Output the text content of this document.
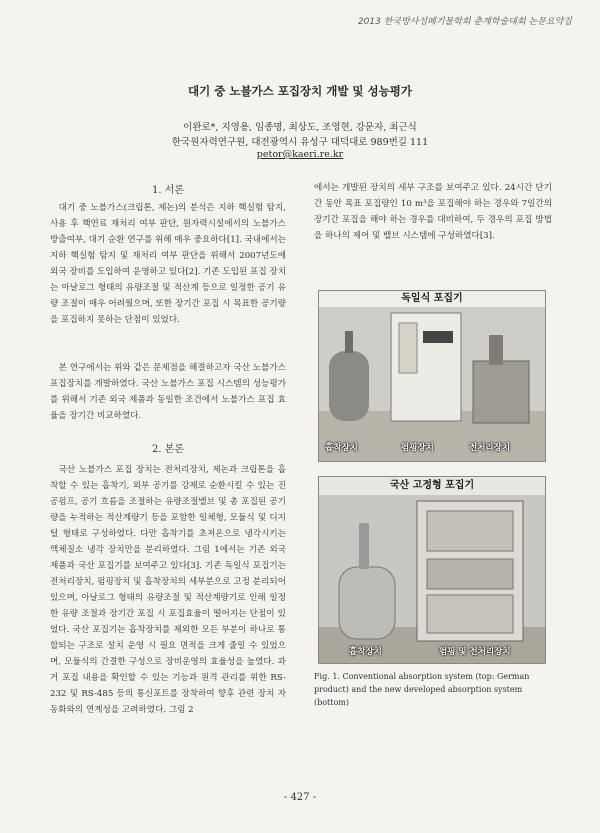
2013 한국방사성폐기물학회 춘계학술대회 논문요약집
대기 중 노블가스 포집장치 개발 및 성능평가
이완로*, 지영용, 임종명, 최상도, 조영현, 강문자, 최근식
한국원자력연구원, 대전광역시 유성구 대덕대로 989번길 111
petor@kaeri.re.kr
1. 서론

대기 중 노블가스(크립톤, 제논)의 분석은 지하 핵실험 탐지, 사용 후 핵연료 재처리 여부 판단, 원자력시설에서의 노블가스 방출여부, 대기 순환 연구를 위해 매우 중요하다[1]. 국내에서는 지하 핵실험 탐지 및 재처리 여부 판단을 위해서 2007년도에 외국 장비를 도입하여 운영하고 있다[2]. 기존 도입된 포집 장치는 아날로그 형태의 유량조절 및 적산계 등으로 일정한 공기 유량 조절이 매우 어려웠으며, 또한 장기간 포집 시 목표한 공기량을 포집하지 못하는 단점이 있었다.

본 연구에서는 위와 같은 문제점을 해결하고자 국산 노블가스 포집장치를 개발하였다. 국산 노블가스 포집 시스템의 성능평가를 위해서 기존 외국 제품과 동일한 조건에서 노블가스 포집 효율을 장기간 비교하였다.

2. 본론

국산 노블가스 포집 장치는 전처리장치, 제논과 크립톤을 흡착할 수 있는 흡착기, 외부 공기를 강제로 순환시킬 수 있는 진공펌프, 공기 흐름을 조절하는 유량조절밸브 및 총 포집된 공기량을 누적하는 적산계량기 등을 포함한 일체형, 모듈식 및 디지털 형태로 구성하였다. 다만 흡착기를 초저온으로 냉각시키는 액체질소 냉각 장치만을 분리하였다. 그림 1에서는 기존 외국 제품과 국산 포집기를 보여주고 있다[3]. 기존 독일식 포집기는 전처리장치, 펌핑장치 및 흡착장치의 세부분으로 고정 분리되어 있으며, 아날로그 형태의 유량조절 및 적산계량기로 인해 일정한 유량 조절과 장기간 포집 시 포집효율이 떨어지는 단점이 있었다. 국산 포집기는 흡착장치를 제외한 모든 부분이 하나로 통합되는 구조로 설치 운영 시 필요 면적을 크게 줄일 수 있었으며, 모듈식의 간결한 구성으로 장비운영의 효율성을 높였다. 과거 포집 내용을 확인할 수 있는 기능과 원격 관리를 위한 RS-232 및 RS-485 등의 통신포트를 장착하여 향후 관련 장치 자동화와의 연계성을 고려하였다. 그림 2

에서는 개발된 장치의 세부 구조를 보여주고 있다. 24시간 단기간 동안 목표 포집량인 10 m³을 포집해야 하는 경우와 7일간의 장기간 포집을 해야 하는 경우를 대비하여, 두 경우의 포집 방법을 하나의 제어 및 밸브 시스템에 구성하였다[3].

독일식 포집기
흡착장치	펌핑장치	전처리장치
국산 고정형 포집기
흡착장치	펌핑 및 전처리장치
Fig. 1. Conventional absorption system (top: German product) and the new developed absorption system (bottom)
- 427 -
